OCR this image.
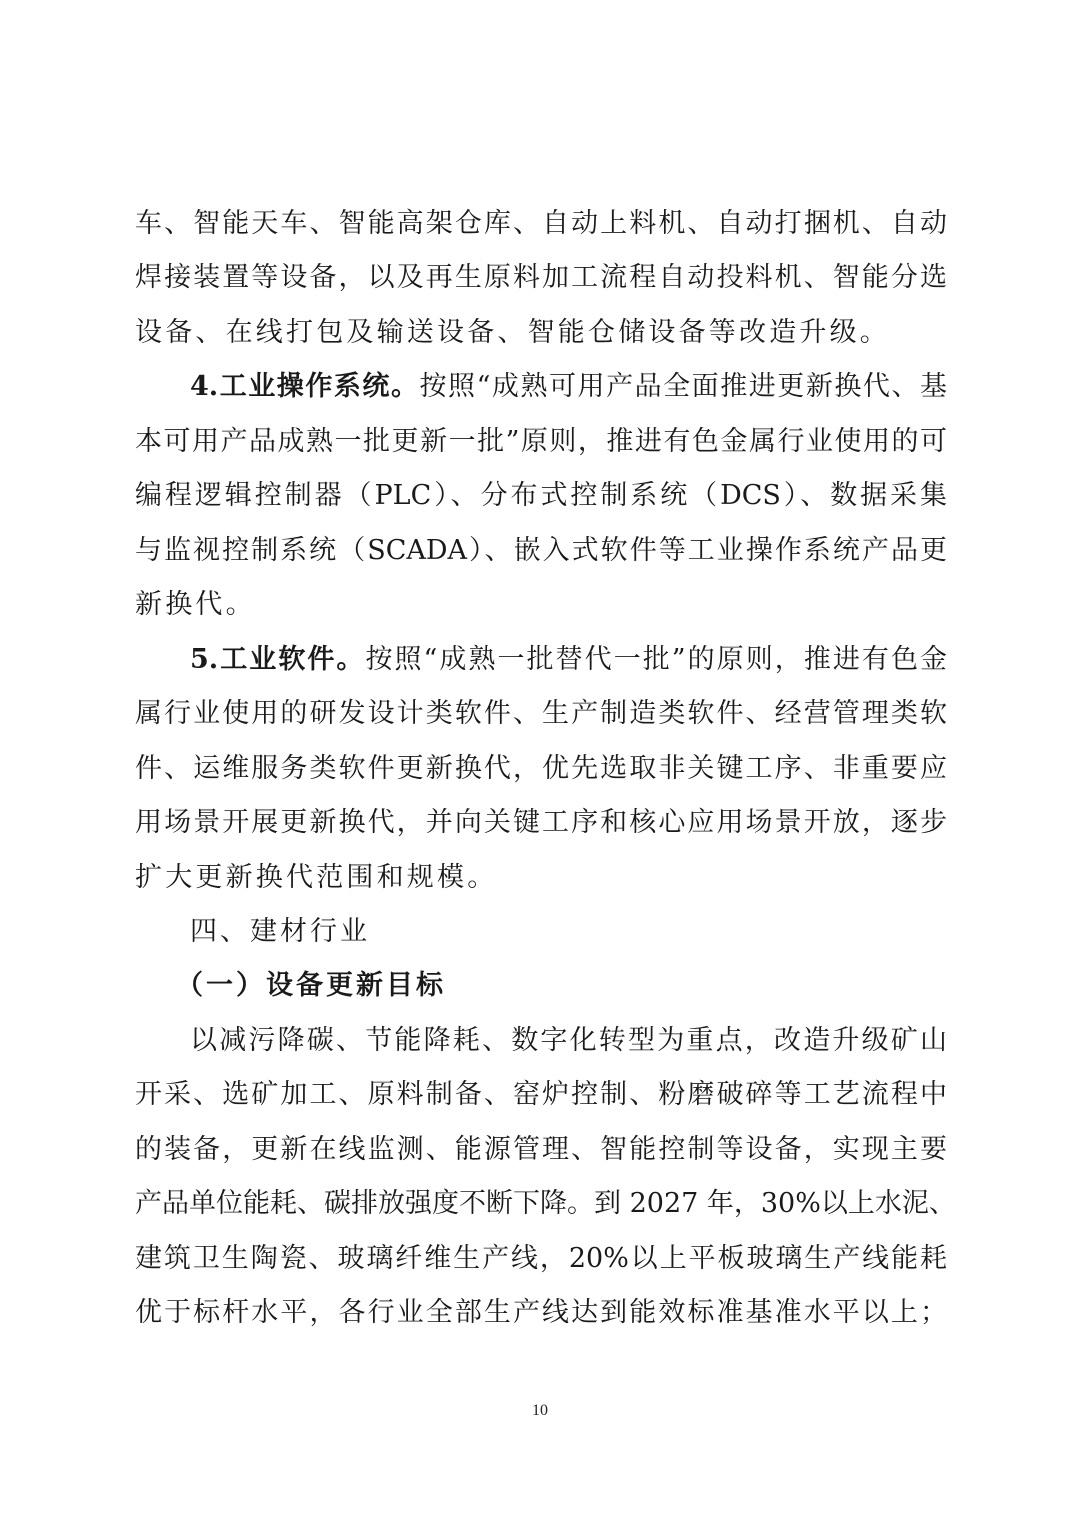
车、智能天车、智能高架仓库、自动上料机、自动打捆机、自动
焊接装置等设备，以及再生原料加工流程自动投料机、智能分选
设备、在线打包及输送设备、智能仓储设备等改造升级。
4.工业操作系统。按照“成熟可用产品全面推进更新换代、基
本可用产品成熟一批更新一批”原则，推进有色金属行业使用的可
编程逻辑控制器（PLC）、分布式控制系统（DCS）、数据采集
与监视控制系统（SCADA）、嵌入式软件等工业操作系统产品更
新换代。
5.工业软件。按照“成熟一批替代一批”的原则，推进有色金
属行业使用的研发设计类软件、生产制造类软件、经营管理类软
件、运维服务类软件更新换代，优先选取非关键工序、非重要应
用场景开展更新换代，并向关键工序和核心应用场景开放，逐步
扩大更新换代范围和规模。
四、建材行业
（一）设备更新目标
以减污降碳、节能降耗、数字化转型为重点，改造升级矿山
开采、选矿加工、原料制备、窑炉控制、粉磨破碎等工艺流程中
的装备，更新在线监测、能源管理、智能控制等设备，实现主要
产品单位能耗、碳排放强度不断下降。到 2027 年，30%以上水泥、
建筑卫生陶瓷、玻璃纤维生产线，20%以上平板玻璃生产线能耗
优于标杆水平，各行业全部生产线达到能效标准基准水平以上；
10
